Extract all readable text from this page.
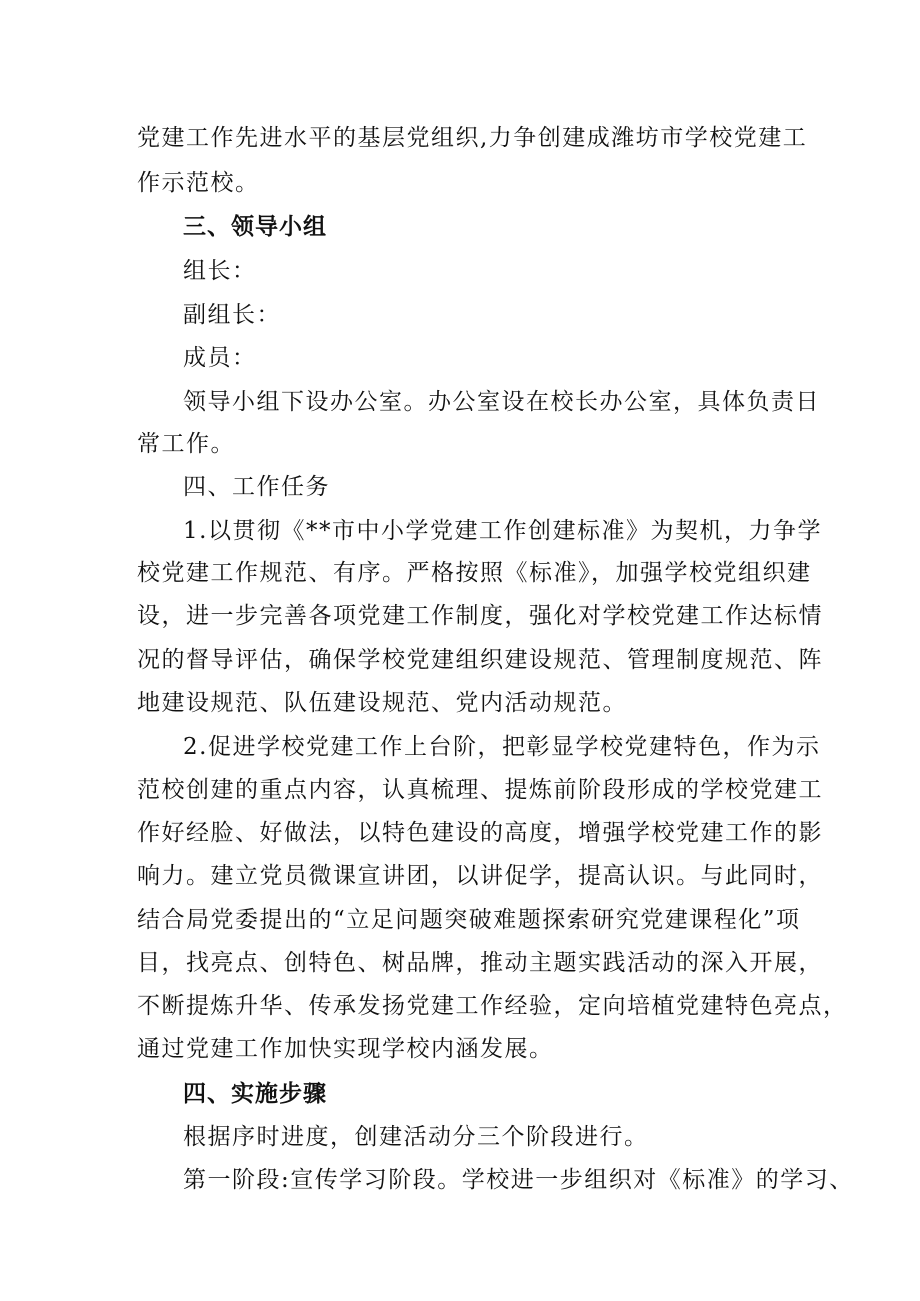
党建工作先进水平的基层党组织,力争创建成潍坊市学校党建工
作示范校。
三、领导小组
组长：
副组长：
成员：
领导小组下设办公室。办公室设在校长办公室，具体负责日
常工作。
四、工作任务
1.以贯彻《**市中小学党建工作创建标准》为契机，力争学
校党建工作规范、有序。严格按照《标准》，加强学校党组织建
设，进一步完善各项党建工作制度，强化对学校党建工作达标情
况的督导评估，确保学校党建组织建设规范、管理制度规范、阵
地建设规范、队伍建设规范、党内活动规范。
2.促进学校党建工作上台阶，把彰显学校党建特色，作为示
范校创建的重点内容，认真梳理、提炼前阶段形成的学校党建工
作好经脸、好做法，以特色建设的高度，增强学校党建工作的影
响力。建立党员微课宣讲团，以讲促学，提高认识。与此同时，
结合局党委提出的“立足问题突破难题探索研究党建课程化”项
目，找亮点、创特色、树品牌，推动主题实践活动的深入开展，
不断提炼升华、传承发扬党建工作经验，定向培植党建特色亮点，
通过党建工作加快实现学校内涵发展。
四、实施步骤
根据序时进度，创建活动分三个阶段进行。
第一阶段:宣传学习阶段。学校进一步组织对《标准》的学习、
